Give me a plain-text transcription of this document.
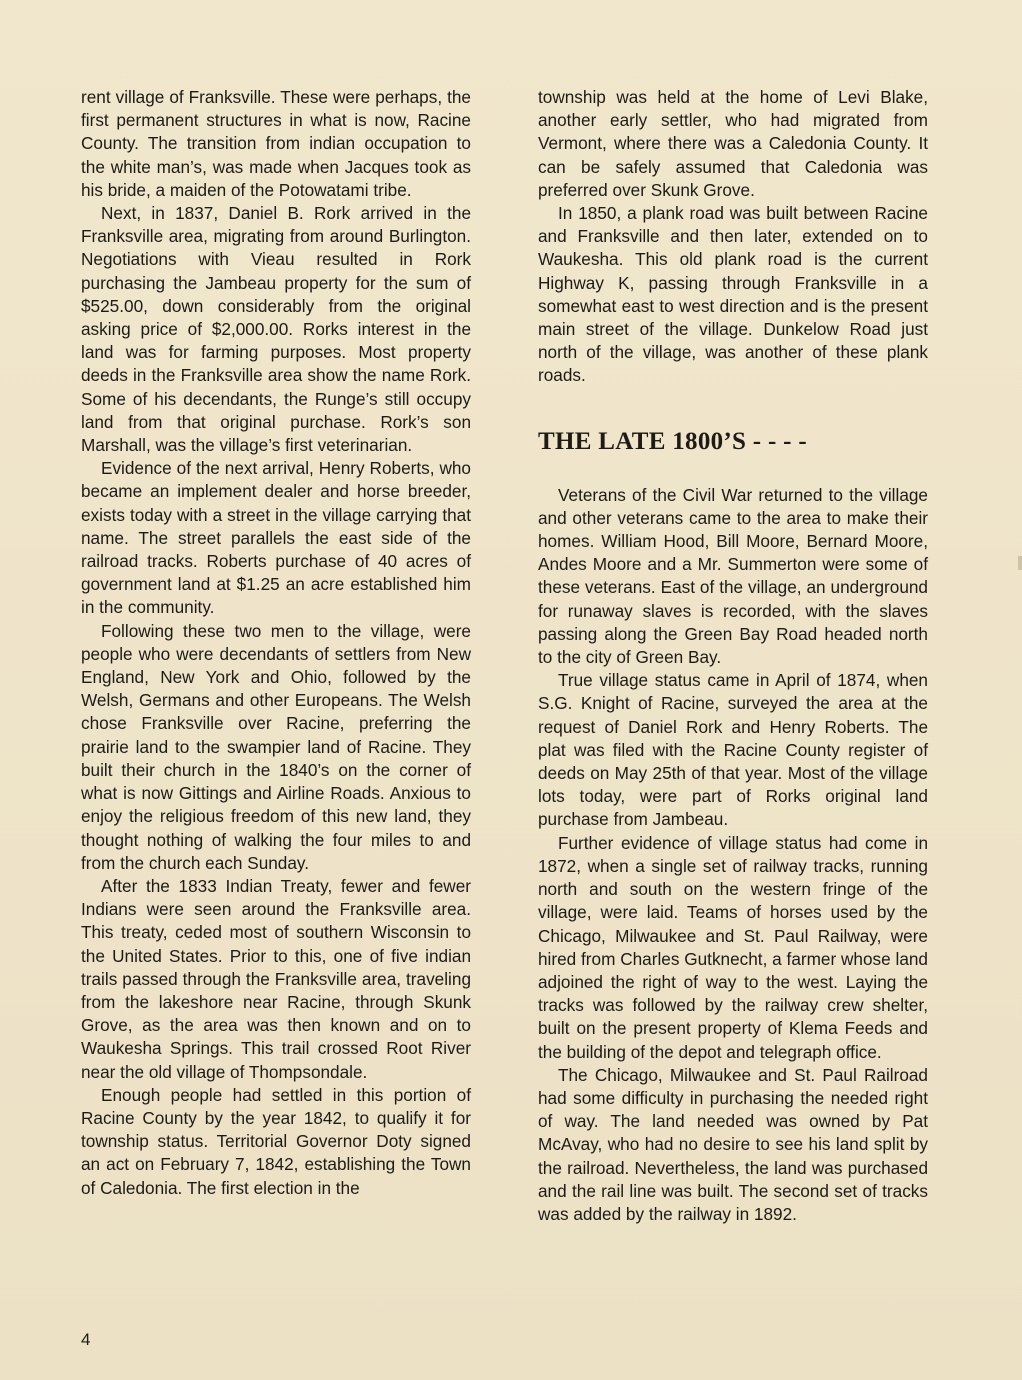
rent village of Franksville. These were perhaps, the first permanent structures in what is now, Racine County. The transition from indian occupation to the white man’s, was made when Jacques took as his bride, a maiden of the Potowatami tribe.

Next, in 1837, Daniel B. Rork arrived in the Franksville area, migrating from around Burlington. Negotiations with Vieau resulted in Rork purchasing the Jambeau property for the sum of $525.00, down considerably from the original asking price of $2,000.00. Rorks interest in the land was for farming purposes. Most property deeds in the Franksville area show the name Rork. Some of his decendants, the Runge’s still occupy land from that original purchase. Rork’s son Marshall, was the village’s first veterinarian.

Evidence of the next arrival, Henry Roberts, who became an implement dealer and horse breeder, exists today with a street in the village carrying that name. The street parallels the east side of the railroad tracks. Roberts purchase of 40 acres of government land at $1.25 an acre established him in the community.

Following these two men to the village, were people who were decendants of settlers from New England, New York and Ohio, followed by the Welsh, Germans and other Europeans. The Welsh chose Franksville over Racine, preferring the prairie land to the swampier land of Racine. They built their church in the 1840’s on the corner of what is now Gittings and Airline Roads. Anxious to enjoy the religious freedom of this new land, they thought nothing of walking the four miles to and from the church each Sunday.

After the 1833 Indian Treaty, fewer and fewer Indians were seen around the Franksville area. This treaty, ceded most of southern Wisconsin to the United States. Prior to this, one of five indian trails passed through the Franksville area, traveling from the lakeshore near Racine, through Skunk Grove, as the area was then known and on to Waukesha Springs. This trail crossed Root River near the old village of Thompsondale.

Enough people had settled in this portion of Racine County by the year 1842, to qualify it for township status. Territorial Governor Doty signed an act on February 7, 1842, establishing the Town of Caledonia. The first election in the

township was held at the home of Levi Blake, another early settler, who had migrated from Vermont, where there was a Caledonia County. It can be safely assumed that Caledonia was preferred over Skunk Grove.

In 1850, a plank road was built between Racine and Franksville and then later, extended on to Waukesha. This old plank road is the current Highway K, passing through Franksville in a somewhat east to west direction and is the present main street of the village. Dunkelow Road just north of the village, was another of these plank roads.

THE LATE 1800’S - - - -

Veterans of the Civil War returned to the village and other veterans came to the area to make their homes. William Hood, Bill Moore, Bernard Moore, Andes Moore and a Mr. Summerton were some of these veterans. East of the village, an underground for runaway slaves is recorded, with the slaves passing along the Green Bay Road headed north to the city of Green Bay.

True village status came in April of 1874, when S.G. Knight of Racine, surveyed the area at the request of Daniel Rork and Henry Roberts. The plat was filed with the Racine County register of deeds on May 25th of that year. Most of the village lots today, were part of Rorks original land purchase from Jambeau.

Further evidence of village status had come in 1872, when a single set of railway tracks, running north and south on the western fringe of the village, were laid. Teams of horses used by the Chicago, Milwaukee and St. Paul Railway, were hired from Charles Gutknecht, a farmer whose land adjoined the right of way to the west. Laying the tracks was followed by the railway crew shelter, built on the present property of Klema Feeds and the building of the depot and telegraph office.

The Chicago, Milwaukee and St. Paul Railroad had some difficulty in purchasing the needed right of way. The land needed was owned by Pat McAvay, who had no desire to see his land split by the railroad. Nevertheless, the land was purchased and the rail line was built. The second set of tracks was added by the railway in 1892.

4
